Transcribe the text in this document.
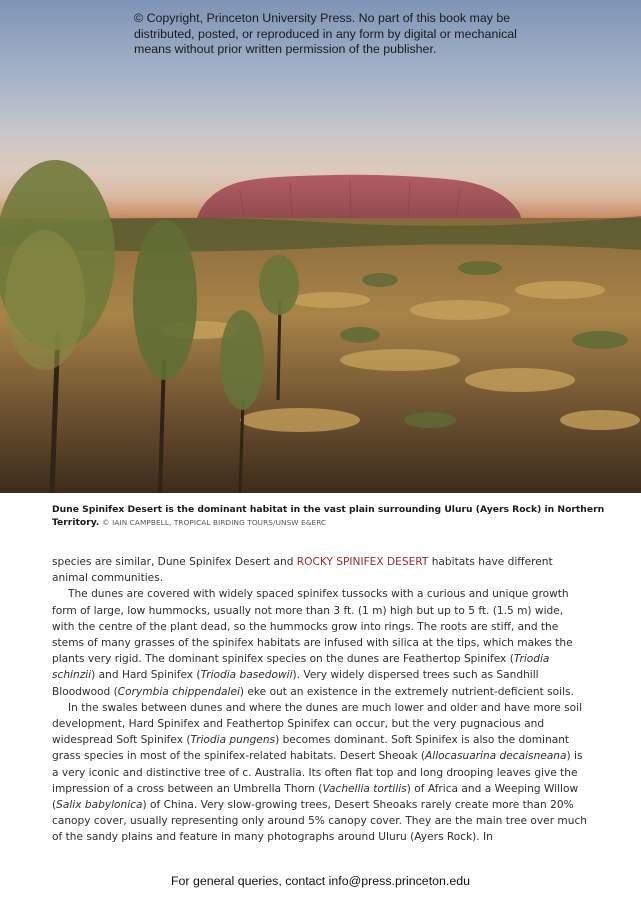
© Copyright, Princeton University Press. No part of this book may be
distributed, posted, or reproduced in any form by digital or mechanical
means without prior written permission of the publisher.
Dune Spinifex Desert is the dominant habitat in the vast plain surrounding Uluru (Ayers Rock) in Northern Territory. © IAIN CAMPBELL, TROPICAL BIRDING TOURS/UNSW E&ERC

species are similar, Dune Spinifex Desert and ROCKY SPINIFEX DESERT habitats have different animal communities.

The dunes are covered with widely spaced spinifex tussocks with a curious and unique growth form of large, low hummocks, usually not more than 3 ft. (1 m) high but up to 5 ft. (1.5 m) wide, with the centre of the plant dead, so the hummocks grow into rings. The roots are stiff, and the stems of many grasses of the spinifex habitats are infused with silica at the tips, which makes the plants very rigid. The dominant spinifex species on the dunes are Feathertop Spinifex (Triodia schinzii) and Hard Spinifex (Triodia basedowii). Very widely dispersed trees such as Sandhill Bloodwood (Corymbia chippendalei) eke out an existence in the extremely nutrient-deficient soils.

In the swales between dunes and where the dunes are much lower and older and have more soil development, Hard Spinifex and Feathertop Spinifex can occur, but the very pugnacious and widespread Soft Spinifex (Triodia pungens) becomes dominant. Soft Spinifex is also the dominant grass species in most of the spinifex-related habitats. Desert Sheoak (Allocasuarina decaisneana) is a very iconic and distinctive tree of c. Australia. Its often flat top and long drooping leaves give the impression of a cross between an Umbrella Thorn (Vachellia tortilis) of Africa and a Weeping Willow (Salix babylonica) of China. Very slow-growing trees, Desert Sheoaks rarely create more than 20% canopy cover, usually representing only around 5% canopy cover. They are the main tree over much of the sandy plains and feature in many photographs around Uluru (Ayers Rock). In

For general queries, contact info@press.princeton.edu
